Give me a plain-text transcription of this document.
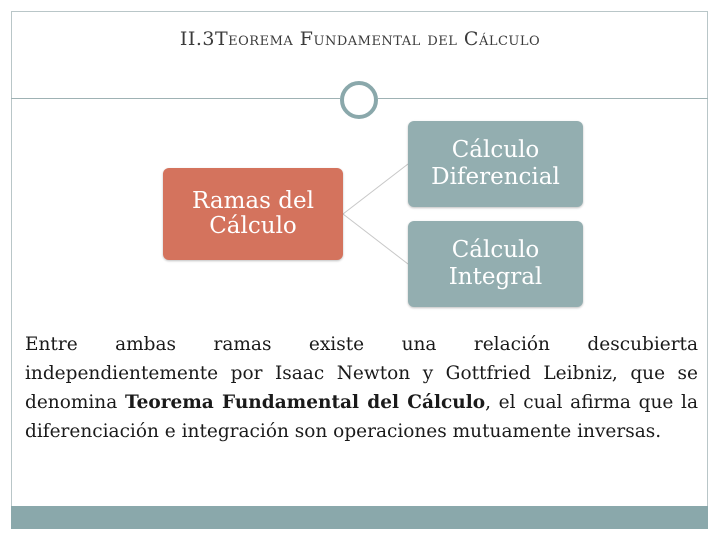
II.3Teorema Fundamental del Cálculo
Ramas del
Cálculo
Cálculo
Diferencial
Cálculo
Integral
Entre ambas ramas existe una relación descubierta independientemente por Isaac Newton y Gottfried Leibniz, que se denomina Teorema Fundamental del Cálculo, el cual afirma que la diferenciación e integración son operaciones mutuamente inversas.
